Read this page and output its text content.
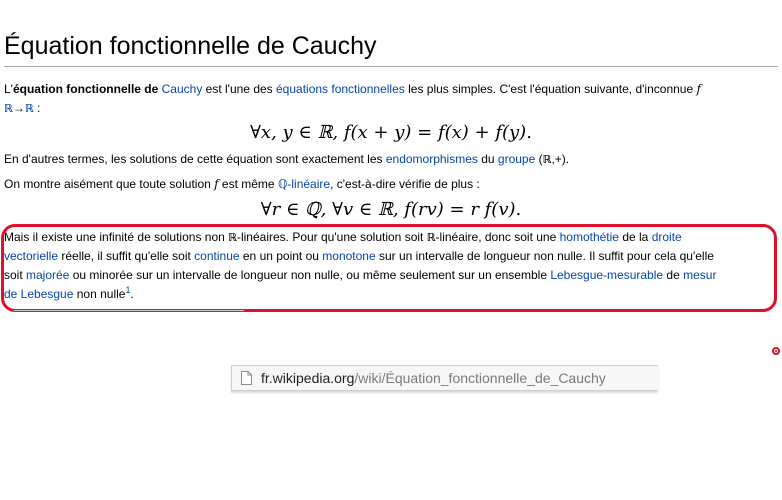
Équation fonctionnelle de Cauchy
L'équation fonctionnelle de Cauchy est l'une des équations fonctionnelles les plus simples. C'est l'équation suivante, d'inconnue f
ℝ→ℝ :
∀x, y ∈ ℝ, f(x + y) = f(x) + f(y).
En d'autres termes, les solutions de cette équation sont exactement les endomorphismes du groupe (ℝ,+).
On montre aisément que toute solution f est même ℚ-linéaire, c'est-à-dire vérifie de plus :
∀r ∈ ℚ, ∀v ∈ ℝ, f(rv) = r f(v).
Mais il existe une infinité de solutions non ℝ-linéaires. Pour qu'une solution soit ℝ-linéaire, donc soit une homothétie de la droite
vectorielle réelle, il suffit qu'elle soit continue en un point ou monotone sur un intervalle de longueur non nulle. Il suffit pour cela qu'elle
soit majorée ou minorée sur un intervalle de longueur non nulle, ou même seulement sur un ensemble Lebesgue-mesurable de mesur
de Lebesgue non nulle$^1$.
fr.wikipedia.org/wiki/Équation_fonctionnelle_de_Cauchy
